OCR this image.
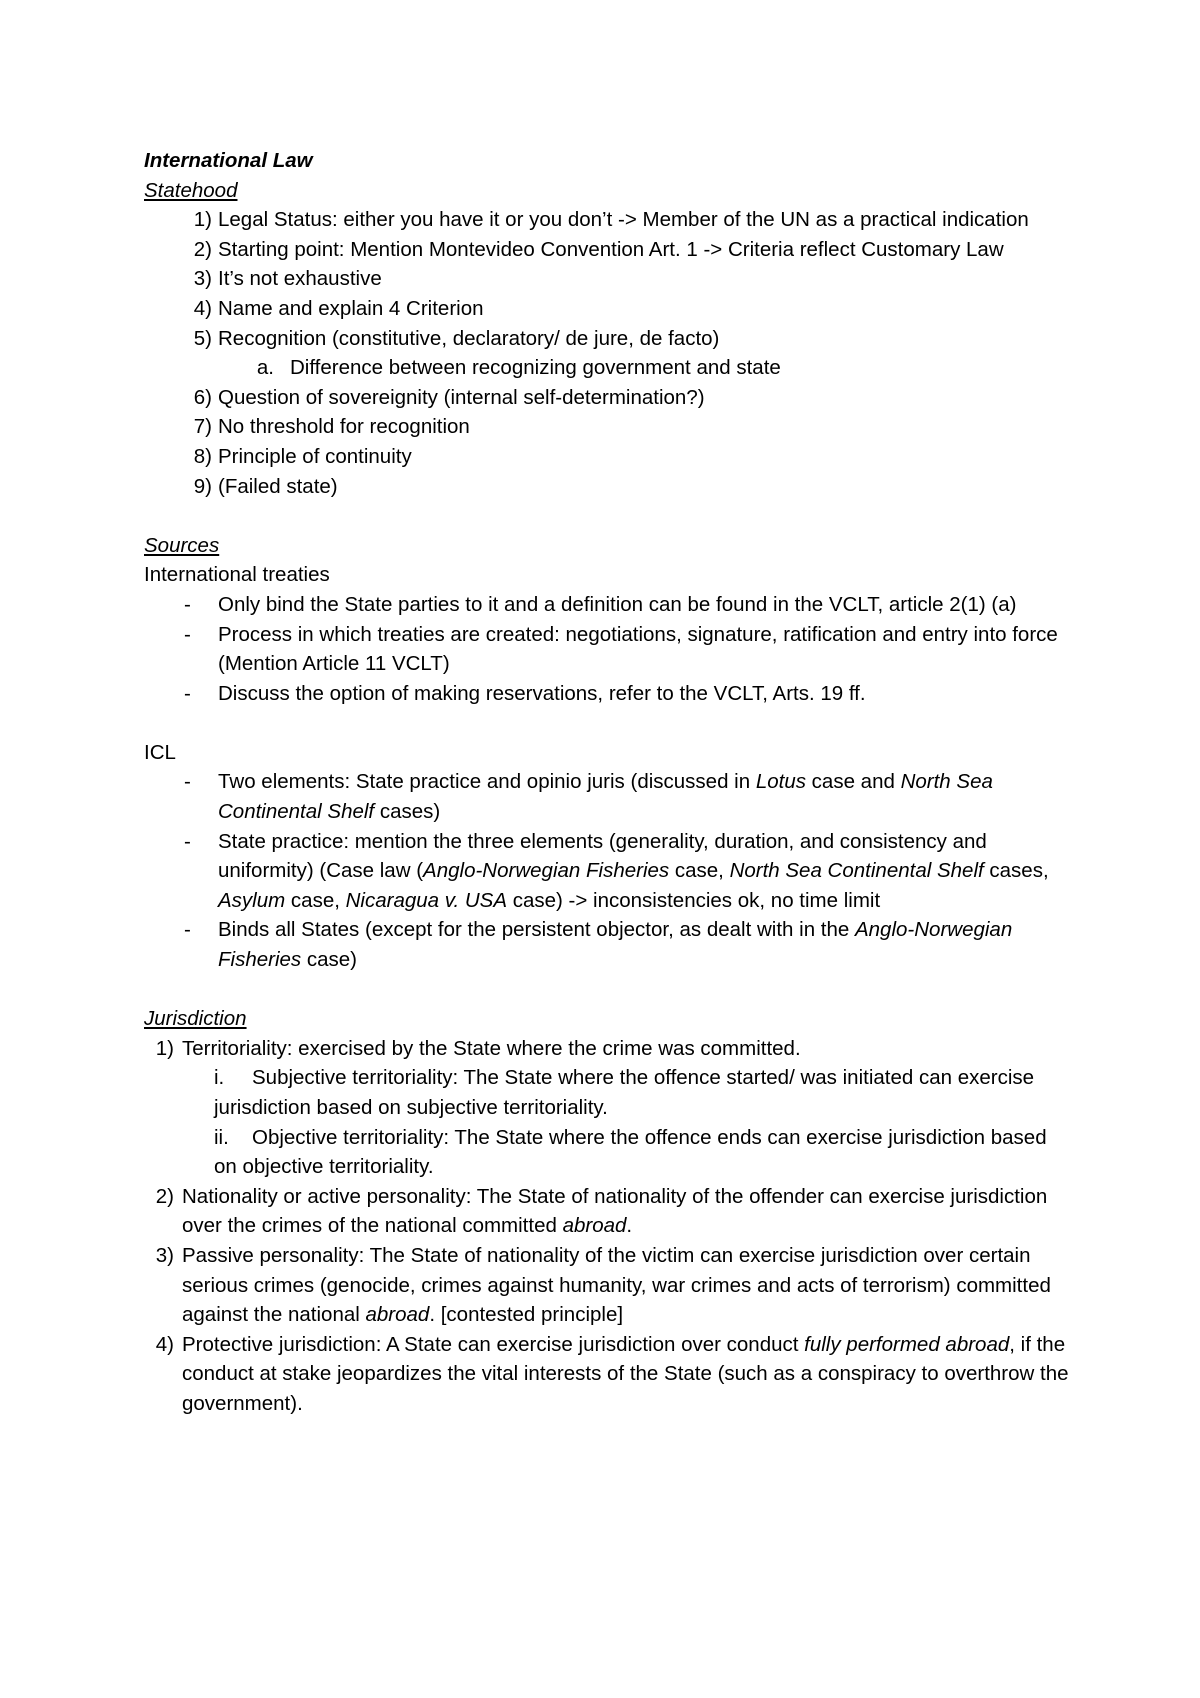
International Law
Statehood
1) Legal Status: either you have it or you don’t -> Member of the UN as a practical indication
2) Starting point: Mention Montevideo Convention Art. 1 -> Criteria reflect Customary Law
3) It’s not exhaustive
4) Name and explain 4 Criterion
5) Recognition (constitutive, declaratory/ de jure, de facto)
a. Difference between recognizing government and state
6) Question of sovereignity (internal self-determination?)
7) No threshold for recognition
8) Principle of continuity
9) (Failed state)
Sources
International treaties
- Only bind the State parties to it and a definition can be found in the VCLT, article 2(1) (a)
- Process in which treaties are created: negotiations, signature, ratification and entry into force (Mention Article 11 VCLT)
- Discuss the option of making reservations, refer to the VCLT, Arts. 19 ff.
ICL
- Two elements: State practice and opinio juris (discussed in Lotus case and North Sea Continental Shelf cases)
- State practice: mention the three elements (generality, duration, and consistency and uniformity) (Case law (Anglo-Norwegian Fisheries case, North Sea Continental Shelf cases, Asylum case, Nicaragua v. USA case) -> inconsistencies ok, no time limit
- Binds all States (except for the persistent objector, as dealt with in the Anglo-Norwegian Fisheries case)
Jurisdiction
1) Territoriality: exercised by the State where the crime was committed.
i.	Subjective territoriality: The State where the offence started/ was initiated can exercise jurisdiction based on subjective territoriality.
ii.	Objective territoriality: The State where the offence ends can exercise jurisdiction based on objective territoriality.
2) Nationality or active personality: The State of nationality of the offender can exercise jurisdiction over the crimes of the national committed abroad.
3) Passive personality: The State of nationality of the victim can exercise jurisdiction over certain serious crimes (genocide, crimes against humanity, war crimes and acts of terrorism) committed against the national abroad. [contested principle]
4) Protective jurisdiction: A State can exercise jurisdiction over conduct fully performed abroad, if the conduct at stake jeopardizes the vital interests of the State (such as a conspiracy to overthrow the government).
